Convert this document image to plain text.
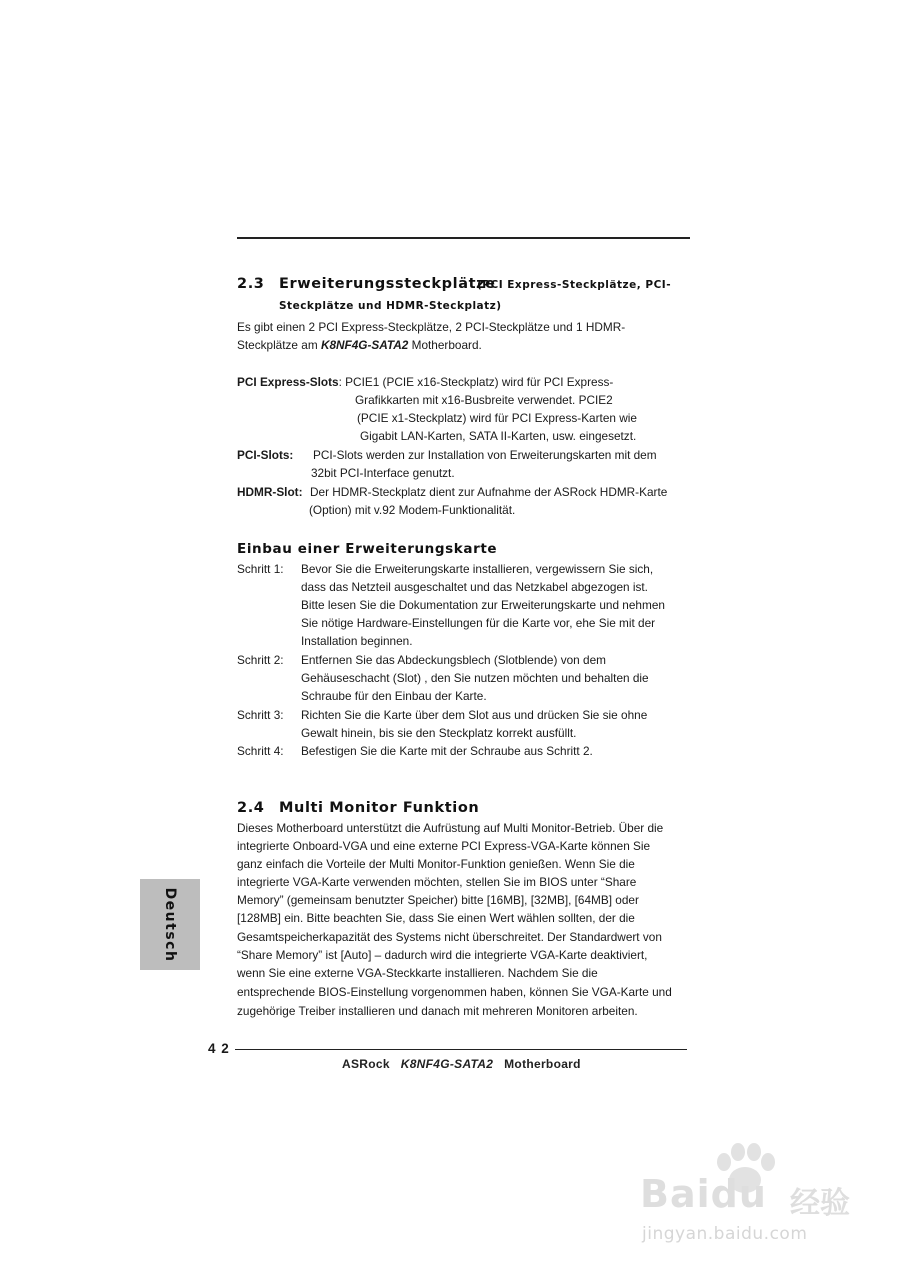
2.3 Erweiterungssteckplätze
(PCI Express-Steckplätze, PCI-
Steckplätze und HDMR-Steckplatz)
Es gibt einen 2 PCI Express-Steckplätze, 2 PCI-Steckplätze und 1 HDMR-
Steckplätze am K8NF4G-SATA2 Motherboard.
PCI Express-Slots: PCIE1 (PCIE x16-Steckplatz) wird für PCI Express-
Grafikkarten mit x16-Busbreite verwendet. PCIE2
(PCIE x1-Steckplatz) wird für PCI Express-Karten wie
Gigabit LAN-Karten, SATA II-Karten, usw. eingesetzt.
PCI-Slots: PCI-Slots werden zur Installation von Erweiterungskarten mit dem
32bit PCI-Interface genutzt.
HDMR-Slot: Der HDMR-Steckplatz dient zur Aufnahme der ASRock HDMR-Karte
(Option) mit v.92 Modem-Funktionalität.
Einbau einer Erweiterungskarte
Schritt 1: Bevor Sie die Erweiterungskarte installieren, vergewissern Sie sich,
dass das Netzteil ausgeschaltet und das Netzkabel abgezogen ist.
Bitte lesen Sie die Dokumentation zur Erweiterungskarte und nehmen
Sie nötige Hardware-Einstellungen für die Karte vor, ehe Sie mit der
Installation beginnen.
Schritt 2: Entfernen Sie das Abdeckungsblech (Slotblende) von dem
Gehäuseschacht (Slot) , den Sie nutzen möchten und behalten die
Schraube für den Einbau der Karte.
Schritt 3: Richten Sie die Karte über dem Slot aus und drücken Sie sie ohne
Gewalt hinein, bis sie den Steckplatz korrekt ausfüllt.
Schritt 4: Befestigen Sie die Karte mit der Schraube aus Schritt 2.
2.4 Multi Monitor Funktion
Dieses Motherboard unterstützt die Aufrüstung auf Multi Monitor-Betrieb. Über die
integrierte Onboard-VGA und eine externe PCI Express-VGA-Karte können Sie
ganz einfach die Vorteile der Multi Monitor-Funktion genießen. Wenn Sie die
integrierte VGA-Karte verwenden möchten, stellen Sie im BIOS unter “Share
Memory” (gemeinsam benutzter Speicher) bitte [16MB], [32MB], [64MB] oder
[128MB] ein. Bitte beachten Sie, dass Sie einen Wert wählen sollten, der die
Gesamtspeicherkapazität des Systems nicht überschreitet. Der Standardwert von
“Share Memory” ist [Auto] – dadurch wird die integrierte VGA-Karte deaktiviert,
wenn Sie eine externe VGA-Steckkarte installieren. Nachdem Sie die
entsprechende BIOS-Einstellung vorgenommen haben, können Sie VGA-Karte und
zugehörige Treiber installieren und danach mit mehreren Monitoren arbeiten.
Deutsch
4 2
ASRock K8NF4G-SATA2 Motherboard
Baidu 经验
jingyan.baidu.com
